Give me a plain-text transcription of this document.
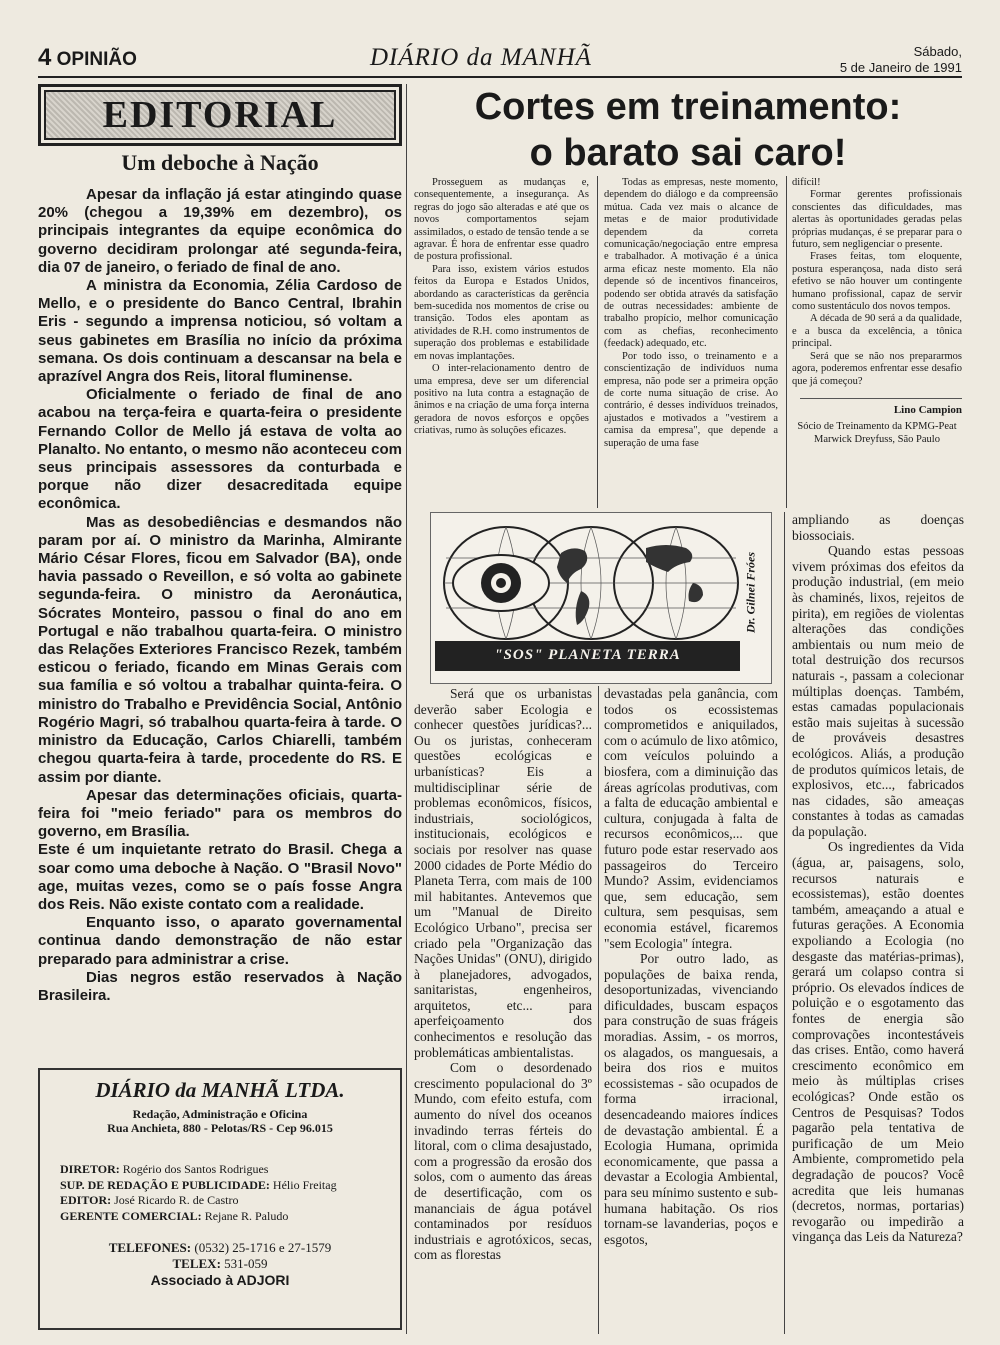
4 OPINIÃO	DIÁRIO da MANHÃ	Sábado,
5 de Janeiro de 1991
EDITORIAL
Um deboche à Nação

Apesar da inflação já estar atingindo quase 20% (chegou a 19,39% em dezembro), os principais integrantes da equipe econômica do governo decidiram prolongar até segunda-feira, dia 07 de janeiro, o feriado de final de ano.

A ministra da Economia, Zélia Cardoso de Mello, e o presidente do Banco Central, Ibrahin Eris - segundo a imprensa noticiou, só voltam a seus gabinetes em Brasília no início da próxima semana. Os dois continuam a descansar na bela e aprazível Angra dos Reis, litoral fluminense.

Oficialmente o feriado de final de ano acabou na terça-feira e quarta-feira o presidente Fernando Collor de Mello já estava de volta ao Planalto. No entanto, o mesmo não aconteceu com seus principais assessores da conturbada e porque não dizer desacreditada equipe econômica.

Mas as desobediências e desmandos não param por aí. O ministro da Marinha, Almirante Mário César Flores, ficou em Salvador (BA), onde havia passado o Reveillon, e só volta ao gabinete segunda-feira. O ministro da Aeronáutica, Sócrates Monteiro, passou o final do ano em Portugal e não trabalhou quarta-feira. O ministro das Relações Exteriores Francisco Rezek, também esticou o feriado, ficando em Minas Gerais com sua família e só voltou a trabalhar quinta-feira. O ministro do Trabalho e Previdência Social, Antônio Rogério Magri, só trabalhou quarta-feira à tarde. O ministro da Educação, Carlos Chiarelli, também chegou quarta-feira à tarde, procedente do RS. E assim por diante.

Apesar das determinações oficiais, quarta-feira foi "meio feriado" para os membros do governo, em Brasília.

Este é um inquietante retrato do Brasil. Chega a soar como uma deboche à Nação. O "Brasil Novo" age, muitas vezes, como se o país fosse Angra dos Reis. Não existe contato com a realidade.

Enquanto isso, o aparato governamental continua dando demonstração de não estar preparado para administrar a crise.

Dias negros estão reservados à Nação Brasileira.

DIÁRIO da MANHÃ LTDA.
Redação, Administração e Oficina
Rua Anchieta, 880 - Pelotas/RS - Cep 96.015
DIRETOR: Rogério dos Santos Rodrigues
SUP. DE REDAÇÃO E PUBLICIDADE: Hélio Freitag
EDITOR: José Ricardo R. de Castro
GERENTE COMERCIAL: Rejane R. Paludo
TELEFONES: (0532) 25-1716 e 27-1579
TELEX: 531-059
Associado à ADJORI
Cortes em treinamento:
o barato sai caro!

Prosseguem as mudanças e, consequentemente, a insegurança. As regras do jogo são alteradas e até que os novos comportamentos sejam assimilados, o estado de tensão tende a se agravar. É hora de enfrentar esse quadro de postura profissional.

Para isso, existem vários estudos feitos da Europa e Estados Unidos, abordando as características da gerência bem-sucedida nos momentos de crise ou transição. Todos eles apontam as atividades de R.H. como instrumentos de superação dos problemas e estabilidade em novas implantações.

O inter-relacionamento dentro de uma empresa, deve ser um diferencial positivo na luta contra a estagnação de ânimos e na criação de uma força interna geradora de novos esforços e opções criativas, rumo às soluções eficazes.

Todas as empresas, neste momento, dependem do diálogo e da compreensão mútua. Cada vez mais o alcance de metas e de maior produtividade dependem da correta comunicação/negociação entre empresa e trabalhador. A motivação é a única arma eficaz neste momento. Ela não depende só de incentivos financeiros, podendo ser obtida através da satisfação de outras necessidades: ambiente de trabalho propício, melhor comunicação com as chefias, reconhecimento (feedack) adequado, etc.

Por todo isso, o treinamento e a conscientização de indivíduos numa empresa, não pode ser a primeira opção de corte numa situação de crise. Ao contrário, é desses indivíduos treinados, ajustados e motivados a "vestirem a camisa da empresa", que depende a superação de uma fase

difícil!

Formar gerentes profissionais conscientes das dificuldades, mas alertas às oportunidades geradas pelas próprias mudanças, é se preparar para o futuro, sem negligenciar o presente.

Frases feitas, tom eloquente, postura esperançosa, nada disto será efetivo se não houver um contingente humano profissional, capaz de servir como sustentáculo dos novos tempos.

A década de 90 será a da qualidade, e a busca da excelência, a tônica principal.

Será que se não nos prepararmos agora, poderemos enfrentar esse desafio que já começou?

Lino Campion
Sócio de Treinamento da KPMG-Peat Marwick Dreyfuss, São Paulo
"SOS" PLANETA TERRA
Dr. Gilnei Fróes

Será que os urbanistas deverão saber Ecologia e conhecer questões jurídicas?... Ou os juristas, conheceram questões ecológicas e urbanísticas? Eis a multidisciplinar série de problemas econômicos, físicos, industriais, sociológicos, institucionais, ecológicos e sociais por resolver nas quase 2000 cidades de Porte Médio do Planeta Terra, com mais de 100 mil habitantes. Antevemos que um "Manual de Direito Ecológico Urbano", precisa ser criado pela "Organização das Nações Unidas" (ONU), dirigido à planejadores, advogados, sanitaristas, engenheiros, arquitetos, etc... para aperfeiçoamento dos conhecimentos e resolução das problemáticas ambientalistas.

Com o desordenado crescimento populacional do 3º Mundo, com efeito estufa, com aumento do nível dos oceanos invadindo terras férteis do litoral, com o clima desajustado, com a progressão da erosão dos solos, com o aumento das áreas de desertificação, com os mananciais de água potável contaminados por resíduos industriais e agrotóxicos, secas, com as florestas

devastadas pela ganância, com todos os ecossistemas comprometidos e aniquilados, com o acúmulo de lixo atômico, com veículos poluindo a biosfera, com a diminuição das áreas agrícolas produtivas, com a falta de educação ambiental e cultura, conjugada à falta de recursos econômicos,... que futuro pode estar reservado aos passageiros do Terceiro Mundo? Assim, evidenciamos que, sem educação, sem cultura, sem pesquisas, sem economia estável, ficaremos "sem Ecologia" íntegra.

Por outro lado, as populações de baixa renda, desoportunizadas, vivenciando dificuldades, buscam espaços para construção de suas frágeis moradias. Assim, - os morros, os alagados, os manguesais, a beira dos rios e muitos ecossistemas - são ocupados de forma irracional, desencadeando maiores índices de devastação ambiental. É a Ecologia Humana, oprimida economicamente, que passa a devastar a Ecologia Ambiental, para seu mínimo sustento e sub-humana habitação. Os rios tornam-se lavanderias, poços e esgotos,

ampliando as doenças biossociais.

Quando estas pessoas vivem próximas dos efeitos da produção industrial, (em meio às chaminés, lixos, rejeitos de pirita), em regiões de violentas alterações das condições ambientais ou num meio de total destruição dos recursos naturais -, passam a colecionar múltiplas doenças. Também, estas camadas populacionais estão mais sujeitas à sucessão de prováveis desastres ecológicos. Aliás, a produção de produtos químicos letais, de explosivos, etc..., fabricados nas cidades, são ameaças constantes à todas as camadas da população.

Os ingredientes da Vida (água, ar, paisagens, solo, recursos naturais e ecossistemas), estão doentes também, ameaçando a atual e futuras gerações. A Economia expoliando a Ecologia (no desgaste das matérias-primas), gerará um colapso contra si próprio. Os elevados índices de poluição e o esgotamento das fontes de energia são comprovações incontestáveis das crises. Então, como haverá crescimento econômico em meio às múltiplas crises ecológicas? Onde estão os Centros de Pesquisas? Todos pagarão pela tentativa de purificação de um Meio Ambiente, comprometido pela degradação de poucos? Você acredita que leis humanas (decretos, normas, portarias) revogarão ou impedirão a vingança das Leis da Natureza?
